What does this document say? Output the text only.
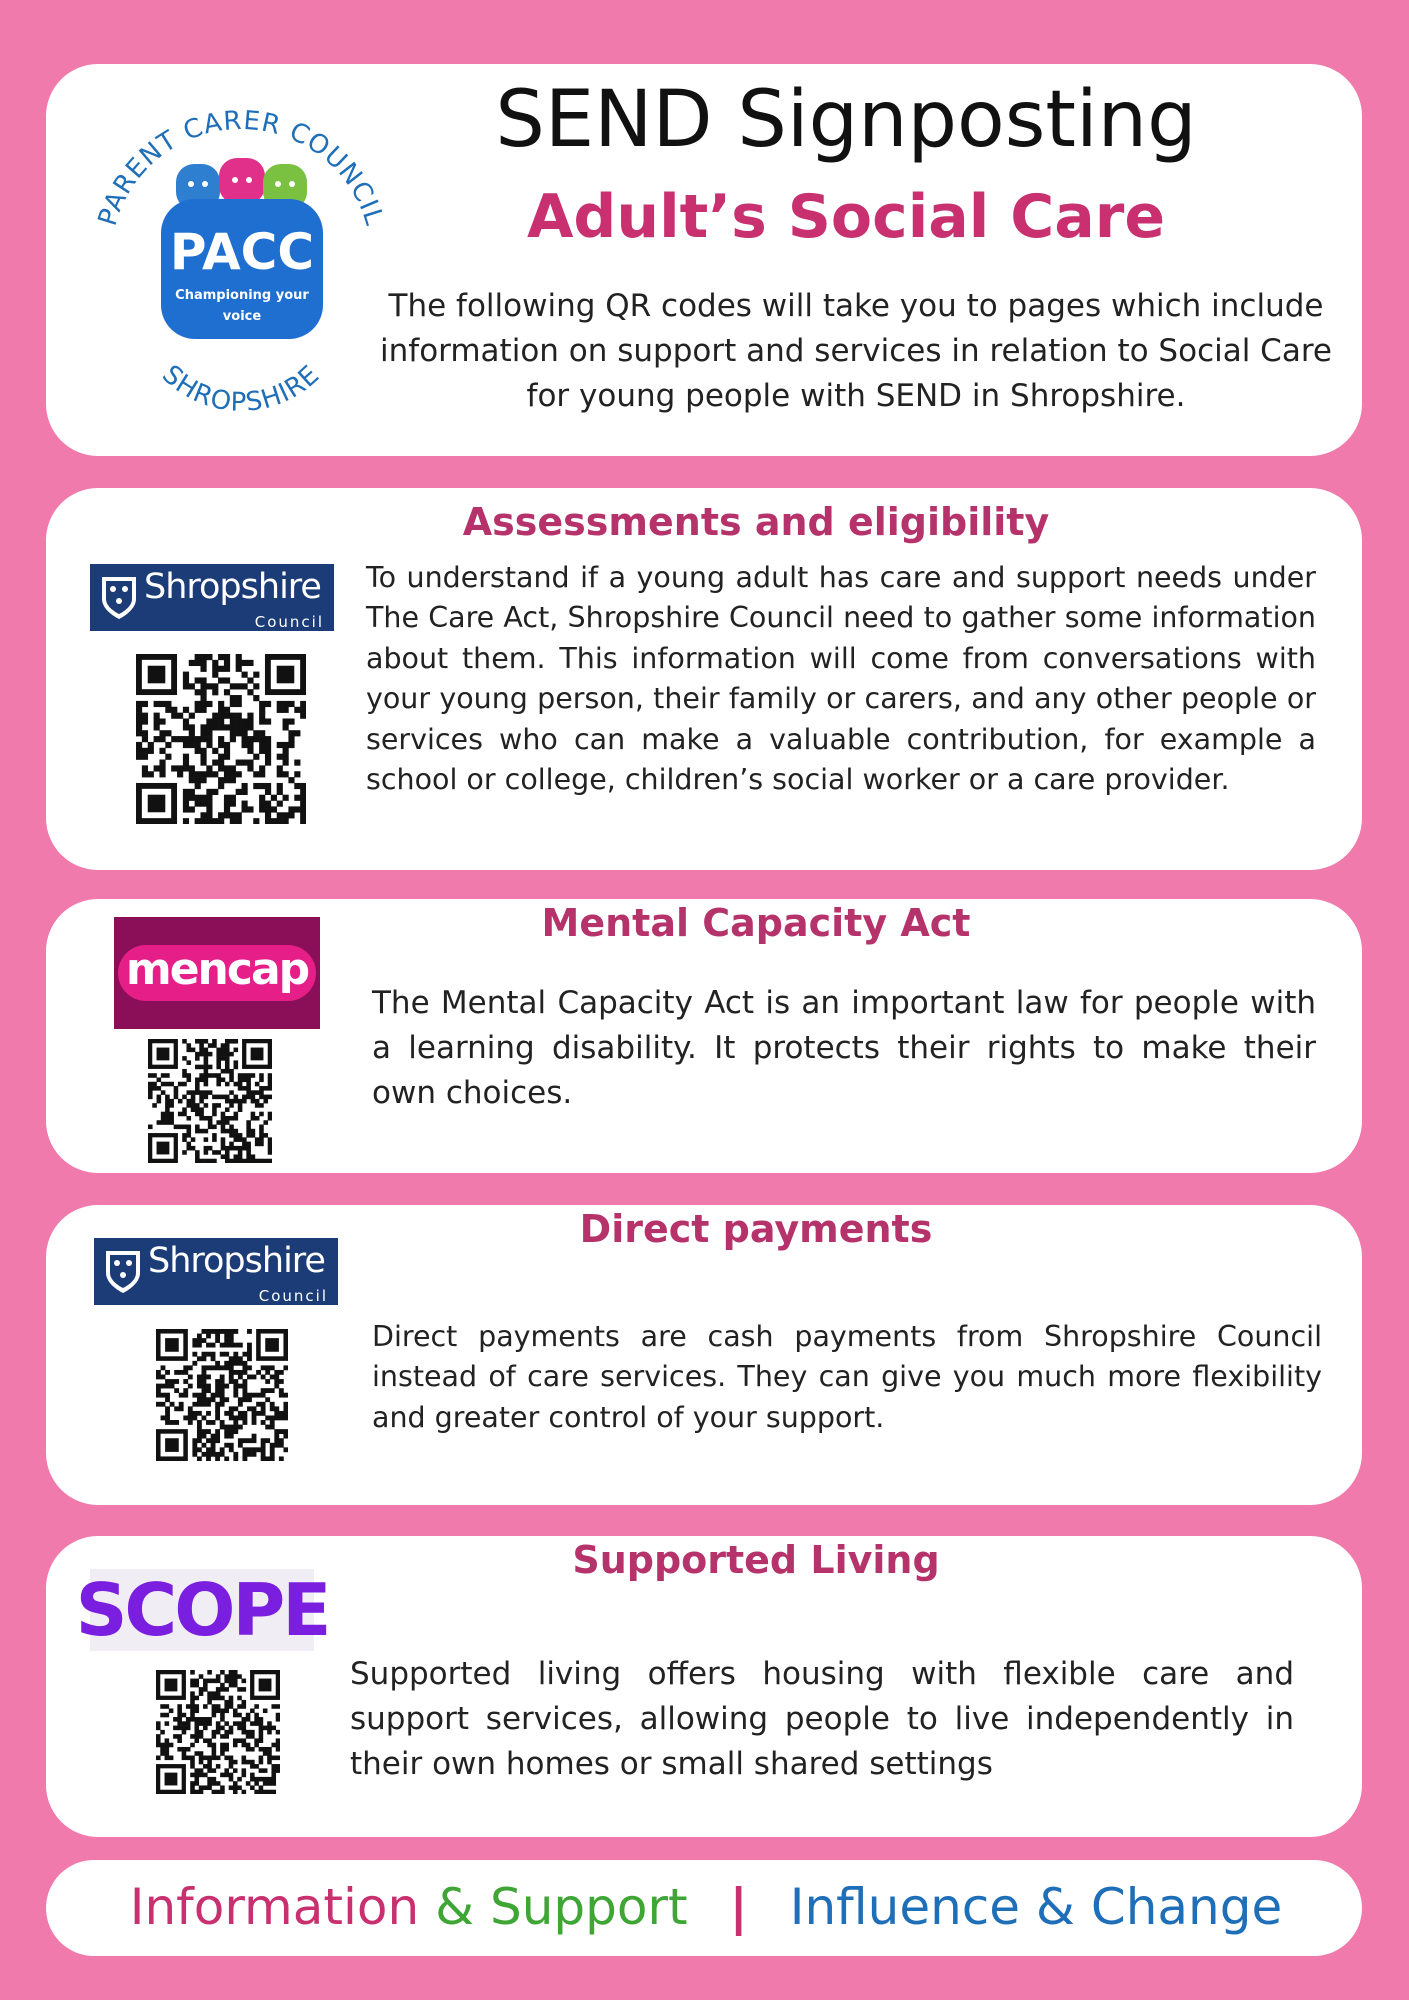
PARENT CARER COUNCIL
SHROPSHIRE
PACC
Championing your
voice
SEND Signposting
Adult’s Social Care
The following QR codes will take you to pages which include information on support and services in relation to Social Care for young people with SEND in Shropshire.
Assessments and eligibility
Shropshire
Council
To understand if a young adult has care and support needs under The Care Act, Shropshire Council need to gather some information about them. This information will come from conversations with your young person, their family or carers, and any other people or services who can make a valuable contribution, for example a school or college, children’s social worker or a care provider.
Mental Capacity Act
mencap
The Mental Capacity Act is an important law for people with a learning disability. It protects their rights to make their own choices.
Direct payments
Shropshire
Council
Direct payments are cash payments from Shropshire Council instead of care services. They can give you much more flexibility and greater control of your support.
Supported Living
SCOPE
Supported living offers housing with flexible care and support services, allowing people to live independently in their own homes or small shared settings
Information & Support | Influence & Change
